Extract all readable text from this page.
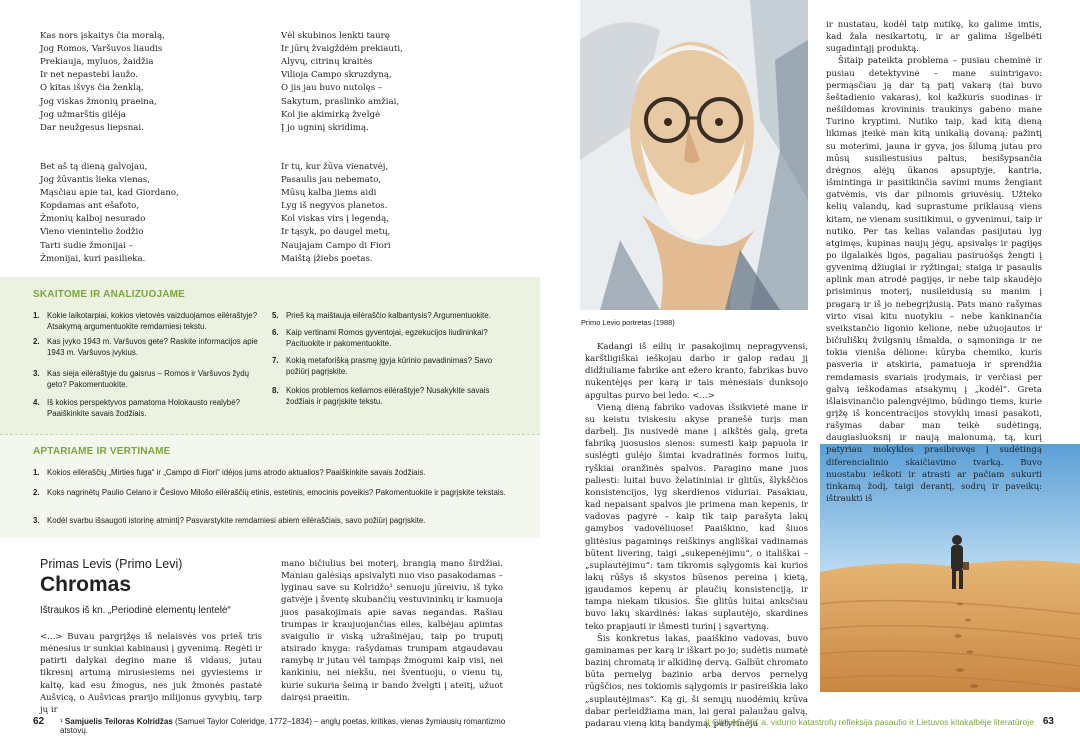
Kas nors įskaitys čia moralą,
Jog Romos, Varšuvos liaudis
Prekiauja, myluos, žaidžia
Ir net nepastebi laužo.
O kitas išvys čia ženklą,
Jog viskas žmonių praeina,
Jog užmarštis gilėja
Dar neužgesus liepsnai.

Bet aš tą dieną galvojau,
Jog žūvantis lieka vienas,
Mąsčiau apie tai, kad Giordano,
Kopdamas ant ešafoto,
Žmonių kalboj nesurado
Vieno vienintelio žodžio
Tarti sudie žmonijai –
Žmonijai, kuri pasilieka.

Vėl skubinos lenkti taurę
Ir jūrų žvaigždėm prekiauti,
Alyvų, citrinų kraitės
Vilioja Campo skruzdyną,
O jis jau buvo nutolęs –
Sakytum, praslinko amžiai,
Kol jie akimirką žvelgė
Į jo ugninį skridimą.

Ir tų, kur žūva vienatvėj,
Pasaulis jau nebemato,
Mūsų kalba jiems aidi
Lyg iš negyvos planetos.
Kol viskas virs į legendą,
Ir tąsyk, po daugel metų,
Naujajam Campo di Fiori
Maištą įžiebs poetas.

SKAITOME IR ANALIZUOJAME
1. Kokie laikotarpiai, kokios vietovės vaizduojamos eilėraštyje? Atsakymą argumentuokite remdamiesi tekstu.
2. Kas įvyko 1943 m. Varšuvos gete? Raskite informacijos apie 1943 m. Varšuvos įvykius.
3. Kas sieja eilėraštyje du gaisrus – Romos ir Varšuvos žydų geto? Pakomentuokite.
4. Iš kokios perspektyvos pamatoma Holokausto realybė? Paaiškinkite savais žodžiais.
5. Prieš ką maištauja eilėraščio kalbantysis? Argumentuokite.
6. Kaip vertinami Romos gyventojai, egzekucijos liudininkai? Pacituokite ir pakomentuokite.
7. Kokią metaforišką prasmę įgyja kūrinio pavadinimas? Savo požiūrį pagrįskite.
8. Kokios problemos keliamos eilėraštyje? Nusakykite savais žodžiais ir pagrįskite tekstu.
APTARIAME IR VERTINAME
1. Kokios eilėraščių „Mirties fuga“ ir „Campo di Fiori“ idėjos jums atrodo aktualios? Paaiškinkite savais žodžiais.
2. Koks nagrinėtų Paulio Celano ir Česlovo Milošo eilėraščių etinis, estetinis, emocinis poveikis? Pakomentuokite ir pagrįskite tekstais.
3. Kodėl svarbu išsaugoti istorinę atmintį? Pasvarstykite remdamiesi abiem eilėraščiais, savo požiūrį pagrįskite.
Primas Levis (Primo Levi)
Chromas
Ištraukos iš kn. „Periodinė elementų lentelė“

<...> Buvau pargrįžęs iš nelaisvės vos prieš tris mėnesius ir sunkiai kabinausi į gyvenimą. Regėti ir patirti dalykai degino mane iš vidaus, jutau tikresnį artumą mirusiesiems nei gyviesiems ir kaltę, kad esu žmogus, nes juk žmonės pastatė Aušvicą, o Aušvicas prarijo milijonus gyvybių, tarp jų ir

mano bičiulius bei moterį, brangią mano širdžiai. Maniau galėsiąs apsivalyti nuo viso pasakodamas – lyginau save su Kolridžo¹ senuoju jūreiviu, iš tyko gatvėje į šventę skubančių vestuvininkų ir kamuoja juos pasakojimais apie savas negandas. Rašiau trumpas ir kraujuojančias eiles, kalbėjau apimtas svaigulio ir viską užrašinėjau, taip po truputį atsirado knyga: rašydamas trumpam atgaudavau ramybę ir jutau vėl tampąs žmogumi kaip visi, nei kankiniu, nei niekšu, nei šventuoju, o vienu tų, kurie sukuria šeimą ir bando žvelgti į ateitį, užuot dairęsi praeitin.

62 ¹ Samjuelis Teiloras Kolridžas (Samuel Taylor Coleridge, 1772–1834) – anglų poetas, kritikas, vienas žymiausių romantizmo atstovų.
Primo Levio portretas (1988)

Kadangi iš eilių ir pasakojimų nepragyvensi, karštligiškai ieškojau darbo ir galop radau jį didžiuliame fabrike ant ežero kranto, fabrikas buvo nukentėjęs per karą ir tais mėnesiais dunksojo apgultas purvo bei ledo. <...>

Vieną dieną fabriko vadovas išsikvietė mane ir su keistu tviskesiu akyse pranešė turįs man darbelį. Jis nusivedė mane į aikštės galą, greta fabriką juosusios sienos: sumesti kaip papuola ir suslėgti gulėjo šimtai kvadratinės formos luitų, ryškiai oranžinės spalvos. Paragino mane juos paliesti: luitai buvo želatininiai ir glitūs, šlykščios konsistencijos, lyg skerdienos viduriai. Pasakiau, kad nepaisant spalvos jie primena man kepenis, ir vadovas pagyrė – kaip tik taip parašyta lakų gamybos vadovėliuose! Paaiškino, kad šiuos glitėsius pagaminęs reiškinys angliškai vadinamas būtent livering, taigi „sukepenėjimu“, o itališkai – „suplautėjimu“: tam tikromis sąlygomis kai kurios lakų rūšys iš skystos būsenos pereina į kietą, įgaudamos kepenų ar plaučių konsistenciją, ir tampa niekam tikusios. Šie glitūs luitai anksčiau buvo lakų skardinės: lakas suplautėjo, skardines teko prapjauti ir išmesti turinį į sąvartyną.

Šis konkretus lakas, paaiškino vadovas, buvo gaminamas per karą ir iškart po jo; sudėtis numatė bazinį chromatą ir alkidinę dervą. Galbūt chromato būta pernelyg bazinio arba dervos pernelyg rūgščios, nes tokiomis sąlygomis ir pasireiškia lako „suplautėjimas“. Ką gi, ši senųjų nuodėmių krūva dabar perleidžiama man, lai gerai palaužau galvą, padarau vieną kitą bandymą, patyrinėju

ir nustatau, kodėl taip nutikę, ko galime imtis, kad žala nesikartotų, ir ar galima išgelbėti sugadintąjį produktą.

Šitaip pateikta problema – pusiau cheminė ir pusiau detektyvinė – mane suintrigavo: permąsčiau ją dar tą patį vakarą (tai buvo šeštadienio vakaras), kol kažkuris suodinas ir nešildomas krovininis traukinys gabeno mane Turino kryptimi. Nutiko taip, kad kitą dieną likimas įteikė man kitą unikalią dovaną: pažintį su moterimi, jauna ir gyva, jos šilumą jutau pro mūsų susiliestusius paltus, besišypsančia drėgnos alėjų ūkanos apsuptyje, kantria, išmintinga ir pasitikinčia savimi mums žengiant gatvėmis, vis dar pilnomis griuvėsių. Užteko kelių valandų, kad suprastume priklausą viens kitam, ne vienam susitikimui, o gyvenimui, taip ir nutiko. Per tas kelias valandas pasijutau lyg atgimęs, kupinas naujų jėgų, apsivalęs ir pagijęs po ilgalaikės ligos, pagaliau pasiruošęs žengti į gyvenimą džiugiai ir ryžtingai; staiga ir pasaulis aplink man atrodė pagijęs, ir nebe taip skaudėjo prisiminus moterį, nusileidusią su manim į pragarą ir iš jo nebegrįžusią. Pats mano rašymas virto visai kitu nuotykiu – nebe kankinančia sveikstančio ligonio kelione, nebe užuojautos ir bičiuliškų žvilgsnių išmalda, o sąmoninga ir ne tokia vieniša dėlione: kūryba chemiko, kuris pasveria ir atskiria, pamatuoja ir sprendžia remdamasis svariais įrodymais, ir verčiasi per galvą ieškodamas atsakymų į „kodėl“. Greta išlaisvinančio palengvėjimo, būdingo tiems, kurie grįžę iš koncentracijos stovyklų imasi pasakoti, rašymas dabar man teikė sudėtingą, daugiasluoksnį ir naują malonumą, tą, kurį patyriau mokyklos prasibrovęs į sudėtingą diferencialinio skaičiavimo tvarką. Buvo nuostabu ieškoti ir atrasti ar pačiam sukurti tinkamą žodį, taigi derantį, sodrų ir paveikų: ištraukti iš

II CIKLAS. XX a. vidurio katastrofų refleksija pasaulio ir Lietuvos kitakalbėje literatūroje 63
